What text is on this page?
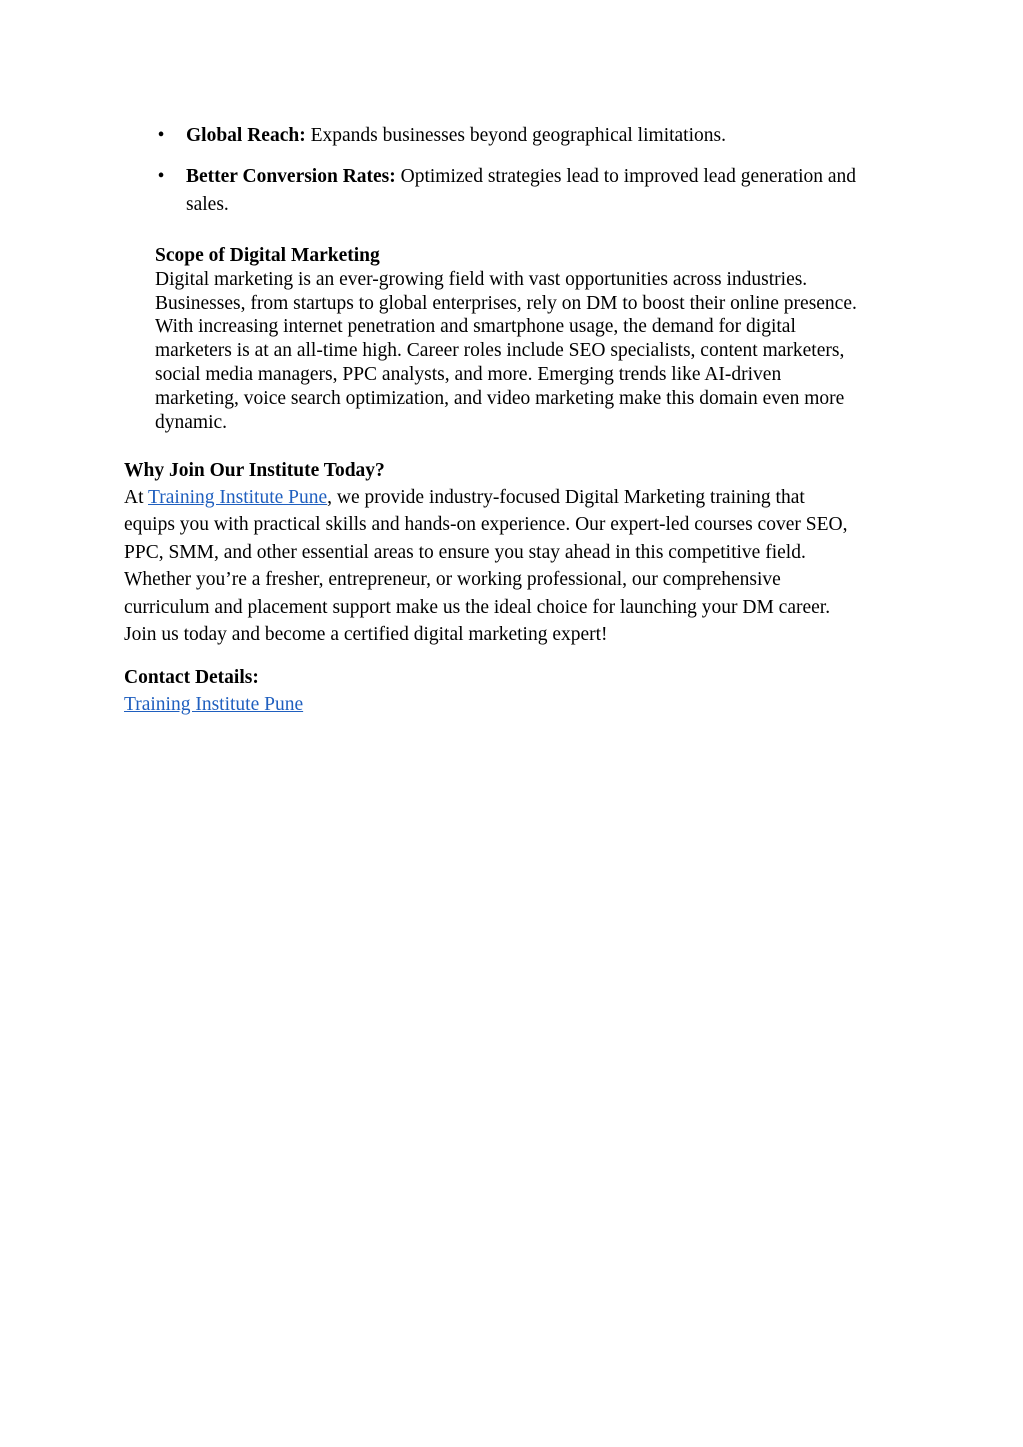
• Global Reach: Expands businesses beyond geographical limitations.
• Better Conversion Rates: Optimized strategies lead to improved lead generation and sales.
Scope of Digital Marketing
Digital marketing is an ever-growing field with vast opportunities across industries.
Businesses, from startups to global enterprises, rely on DM to boost their online presence.
With increasing internet penetration and smartphone usage, the demand for digital
marketers is at an all-time high. Career roles include SEO specialists, content marketers,
social media managers, PPC analysts, and more. Emerging trends like AI-driven
marketing, voice search optimization, and video marketing make this domain even more
dynamic.
Why Join Our Institute Today?
At Training Institute Pune, we provide industry-focused Digital Marketing training that
equips you with practical skills and hands-on experience. Our expert-led courses cover SEO,
PPC, SMM, and other essential areas to ensure you stay ahead in this competitive field.
Whether you’re a fresher, entrepreneur, or working professional, our comprehensive
curriculum and placement support make us the ideal choice for launching your DM career.
Join us today and become a certified digital marketing expert!
Contact Details:
Training Institute Pune
